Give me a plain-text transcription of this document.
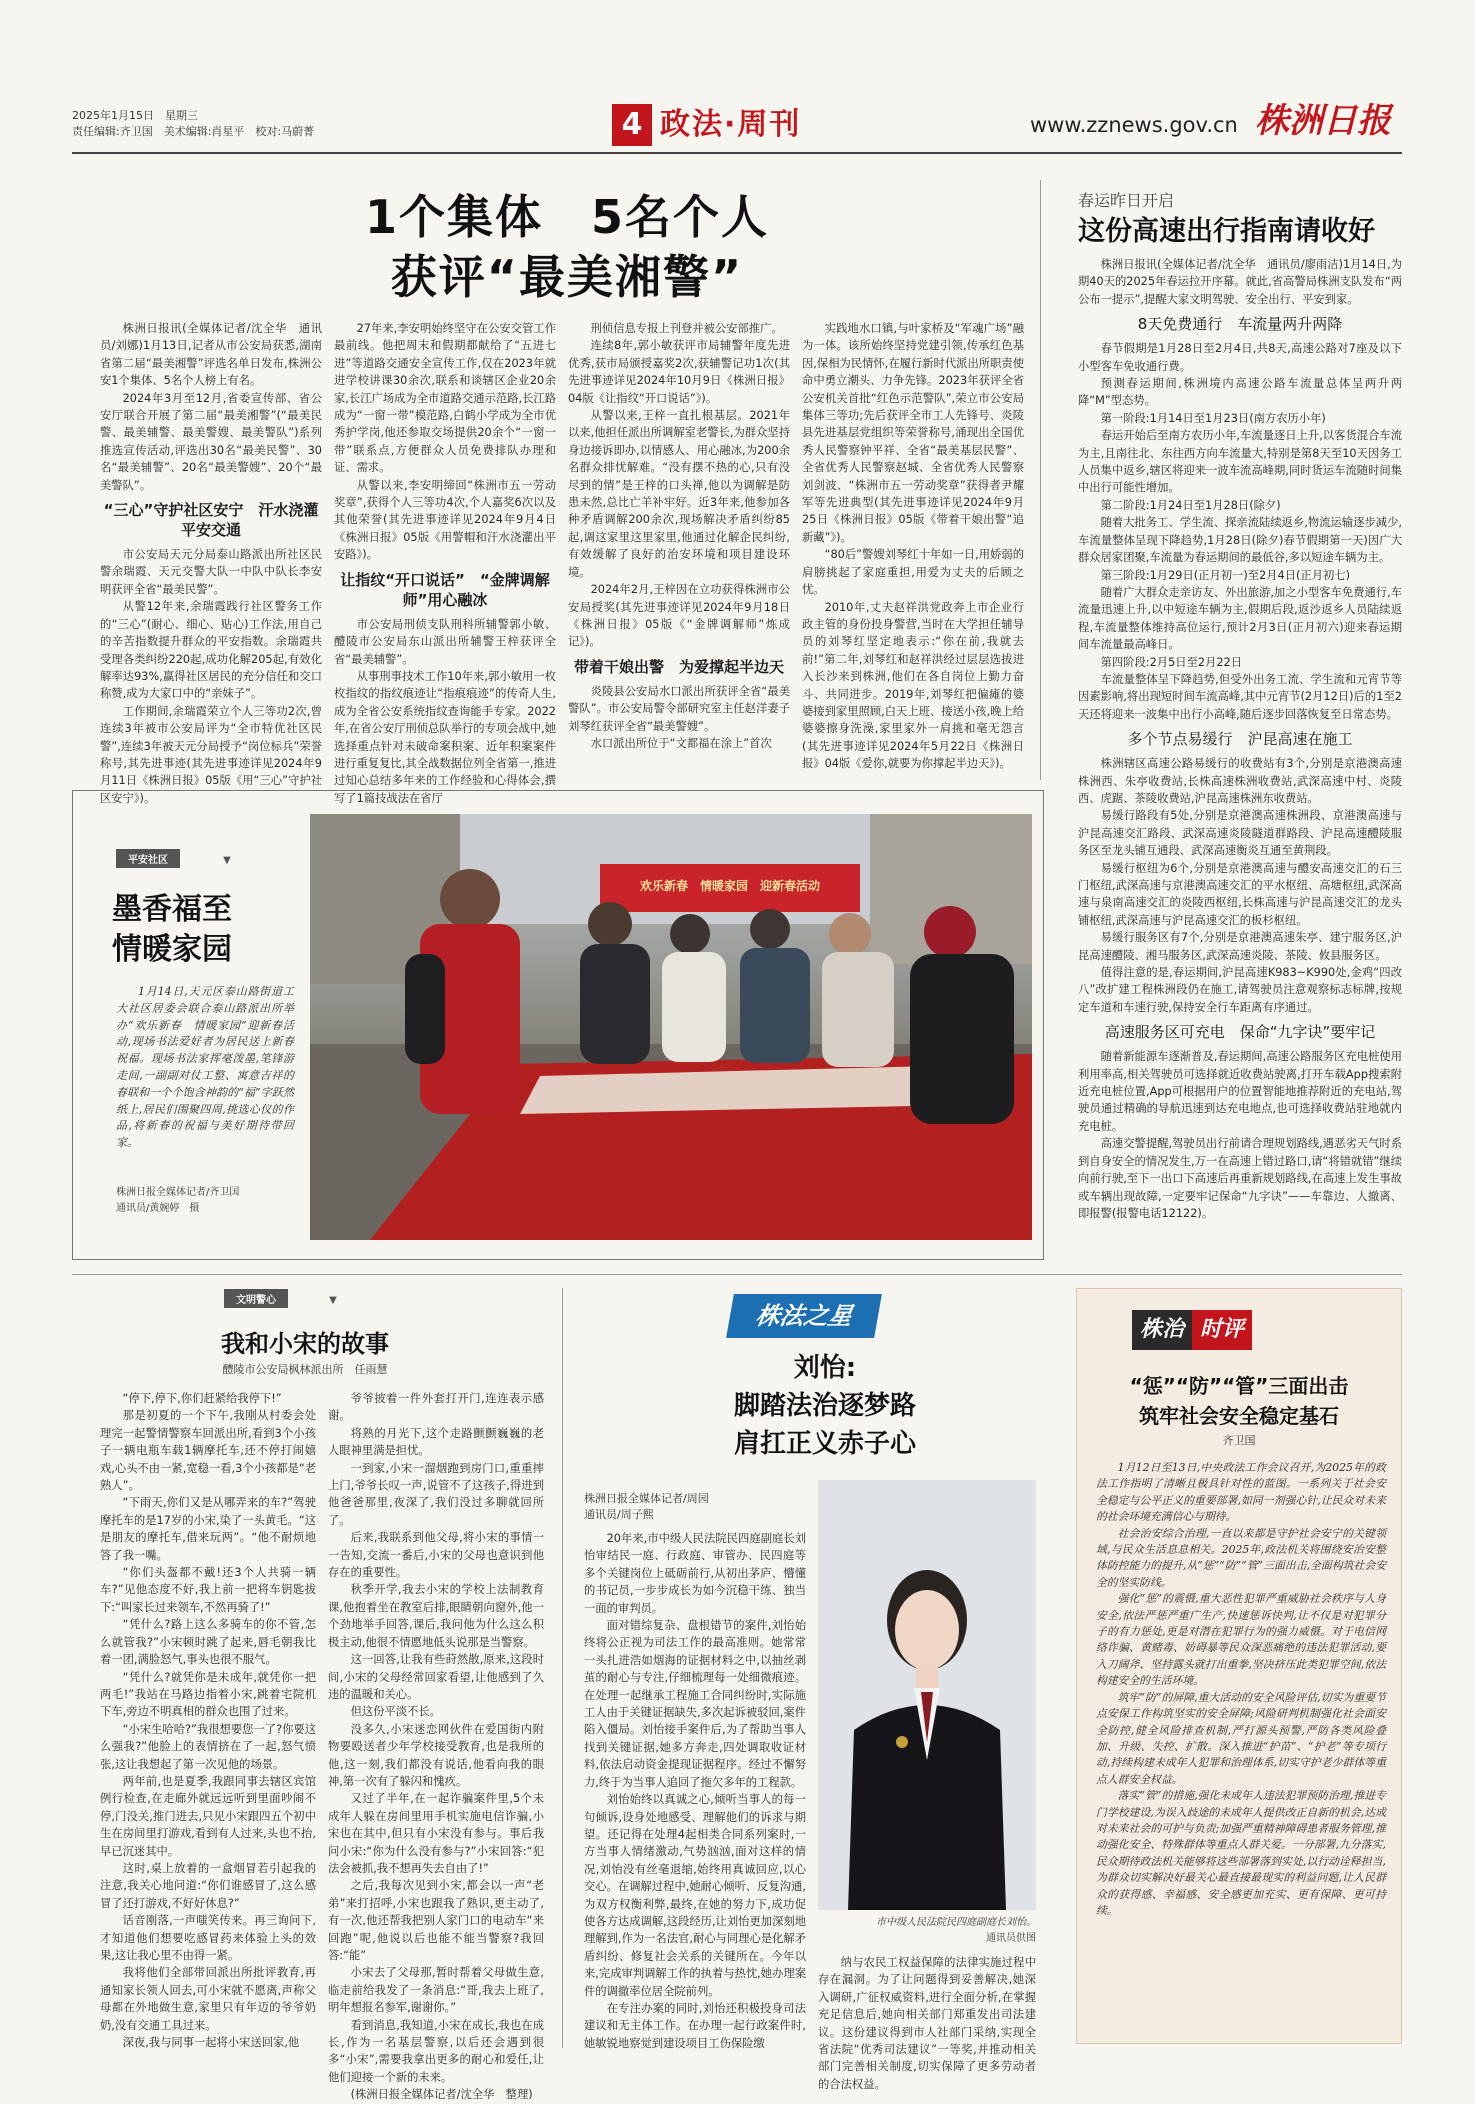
2025年1月15日　星期三
责任编辑:齐卫国　美术编辑:肖星平　校对:马蔚菁	4 政法·周刊	www.zznews.gov.cn 株洲日报
1个集体　5名个人
获评“最美湘警”

株洲日报讯(全媒体记者/沈全华　通讯员/刘娜)1月13日,记者从市公安局获悉,湖南省第二届“最美湘警”评选名单日发布,株洲公安1个集体、5名个人榜上有名。

2024年3月至12月,省委宣传部、省公安厅联合开展了第二届“最美湘警”(“最美民警、最美辅警、最美警嫂、最美警队”)系列推选宣传活动,评选出30名“最美民警”、30名“最美辅警”、20名“最美警嫂”、20个“最美警队”。

“三心”守护社区安宁　汗水浇灌平安交通

市公安局天元分局泰山路派出所社区民警余瑞霞、天元交警大队一中队中队长李安明获评全省“最美民警”。

从警12年来,余瑞霞践行社区警务工作的“三心”(耐心、细心、贴心)工作法,用自己的辛苦指数提升群众的平安指数。余瑞霞共受理各类纠纷220起,成功化解205起,有效化解率达93%,赢得社区居民的充分信任和交口称赞,成为大家口中的“亲妹子”。

工作期间,余瑞霞荣立个人三等功2次,曾连续3年被市公安局评为“全市特优社区民警”,连续3年被天元分局授予“岗位标兵”荣誉称号,其先进事迹(其先进事迹详见2024年9月11日《株洲日报》05版《用“三心”守护社区安宁》)。

27年来,李安明始终坚守在公安交管工作最前线。他把周末和假期都献给了“五进七进”等道路交通安全宣传工作,仅在2023年就进学校讲课30余次,联系和谈辖区企业20余家,长江广场成为全市道路交通示范路,长江路成为“一窗一带”模范路,白鹤小学成为全市优秀护学岗,他还参取交场提供20余个“一窗一带”联系点,方便群众人员免费排队办理和证、需求。

从警以来,李安明缔回“株洲市五一劳动奖章”,获得个人三等功4次,个人嘉奖6次以及其他荣誉(其先进事迹详见2024年9月4日《株洲日报》05版《用警帽和汗水浇灌出平安路》)。

让指纹“开口说话”　“金牌调解师”用心融冰

市公安局刑侦支队刑科所辅警郭小敏、醴陵市公安局东山派出所辅警王梓获评全省“最美辅警”。

从事刑事技术工作10年来,郭小敏用一枚枚指纹的指纹痕迹让“指痕痕迹”的传奇人生,成为全省公安系统指纹查询能手专家。2022年,在省公安厅刑侦总队举行的专项会战中,她选择重点针对未破命案积案、近年积案案件进行重复复比,其全战数据位列全省第一,推进过知心总结多年来的工作经验和心得体会,撰写了1篇技战法在省厅

刑侦信息专报上刊登并被公安部推广。

连续8年,郭小敏获评市局辅警年度先进优秀,获市局颁授嘉奖2次,获辅警记功1次(其先进事迹详见2024年10月9日《株洲日报》04版《让指纹“开口说话”》)。

从警以来,王梓一直扎根基层。2021年以来,他担任派出所调解室老警长,为群众坚持身边接诉即办,以情感人、用心融冰,为200余名群众排忧解难。“没有摆不热的心,只有没尽到的情”是王梓的口头禅,他以为调解是防患未然,总比亡羊补牢好。近3年来,他参加各种矛盾调解200余次,现场解决矛盾纠纷85起,调这家里这里家里,他通过化解企民纠纷,有效缓解了良好的治安环境和项目建设环境。

2024年2月,王梓因在立功获得株洲市公安局授奖(其先进事迹详见2024年9月18日《株洲日报》05版《“金牌调解师”炼成记》)。

带着干娘出警　为爱撑起半边天

炎陵县公安局水口派出所获评全省“最美警队”。市公安局警令部研究室主任赵洋妻子刘琴红获评全省“最美警嫂”。

水口派出所位于“文都福在涂上”首次

实践地水口镇,与叶家桥及“军魂广场”融为一体。该所始终坚持党建引领,传承红色基因,保相为民情怀,在履行新时代派出所职责使命中勇立潮头、力争先锋。2023年获评全省公安机关首批“红色示范警队”,荣立市公安局集体三等功;先后获评全市工人先锋号、炎陵县先进基层党组织等荣誉称号,涌现出全国优秀人民警察钟平祥、全省“最美基层民警”、全省优秀人民警察赵城、全省优秀人民警察刘剑波、“株洲市五一劳动奖章”获得者尹耀军等先进典型(其先进事迹详见2024年9月25日《株洲日报》05版《带着干娘出警“追新藏”》)。

“80后”警嫂刘琴红十年如一日,用娇弱的肩膀挑起了家庭重担,用爱为丈夫的后顾之忧。

2010年,丈夫赵祥洪党政奔上市企业行政主管的身份投身警营,当时在大学担任辅导员的刘琴红坚定地表示:“你在前,我就去前!”第二年,刘琴红和赵祥洪经过层层选拔进入长沙来到株洲,他们在各自岗位上勤力奋斗、共同进步。2019年,刘琴红把偏瘫的婆婆接到家里照顾,白天上班、接送小孩,晚上给婆婆擦身洗澡,家里家外一肩挑和毫无怨言(其先进事迹详见2024年5月22日《株洲日报》04版《爱你,就要为你撑起半边天》)。

春运昨日开启
这份高速出行指南请收好

株洲日报讯(全媒体记者/沈全华　通讯员/廖雨洁)1月14日,为期40天的2025年春运拉开序幕。就此,省高警局株洲支队发布“两公布一提示”,提醒大家文明驾驶、安全出行、平安到家。

8天免费通行　车流量两升两降

春节假期是1月28日至2月4日,共8天,高速公路对7座及以下小型客车免收通行费。

预测春运期间,株洲境内高速公路车流量总体呈两升两降“M”型态势。

第一阶段:1月14日至1月23日(南方农历小年)

春运开始后至南方农历小年,车流量逐日上升,以客货混合车流为主,且南往北、东往西方向车流量大,特别是第8天至10天因务工人员集中返乡,辖区将迎来一波车流高峰期,同时货运车流随时间集中出行可能性增加。

第二阶段:1月24日至1月28日(除夕)

随着大批务工、学生流、探亲流陆续返乡,物流运输逐步减少,车流量整体呈现下降趋势,1月28日(除夕)春节假期第一天)因广大群众居家团聚,车流量为春运期间的最低谷,多以短途车辆为主。

第三阶段:1月29日(正月初一)至2月4日(正月初七)

随着广大群众走亲访友、外出旅游,加之小型客车免费通行,车流量迅速上升,以中短途车辆为主,假期后段,返沙返乡人员陆续返程,车流量整体维持高位运行,预计2月3日(正月初六)迎来春运期间车流量最高峰日。

第四阶段:2月5日至2月22日

车流量整体呈下降趋势,但受外出务工流、学生流和元宵节等因素影响,将出现短时间车流高峰,其中元宵节(2月12日)后的1至2天还将迎来一波集中出行小高峰,随后逐步回落恢复至日常态势。

多个节点易缓行　沪昆高速在施工

株洲辖区高速公路易缓行的收费站有3个,分别是京港澳高速株洲西、朱亭收费站,长株高速株洲收费站,武深高速中村、炎陵西、虎踞、茶陵收费站,沪昆高速株洲东收费站。

易缓行路段有5处,分别是京港澳高速株洲段、京港澳高速与沪昆高速交汇路段、武深高速炎陵隧道群路段、沪昆高速醴陵服务区至龙头铺互通段、武深高速衡炎互通至黄荆段。

易缓行枢纽为6个,分别是京港澳高速与醴安高速交汇的石三门枢纽,武深高速与京港澳高速交汇的平水枢纽、高塘枢纽,武深高速与泉南高速交汇的炎陵西枢纽,长株高速与沪昆高速交汇的龙头铺枢纽,武深高速与沪昆高速交汇的板杉枢纽。

易缓行服务区有7个,分别是京港澳高速朱亭、建宁服务区,沪昆高速醴陵、湘马服务区,武深高速炎陵、茶陵、攸县服务区。

值得注意的是,春运期间,沪昆高速K983~K990处,金鸡“四改八”改扩建工程株洲段仍在施工,请驾驶员注意观察标志标牌,按规定车道和车速行驶,保持安全行车距离有序通过。

高速服务区可充电　保命“九字诀”要牢记

随着新能源车逐渐普及,春运期间,高速公路服务区充电桩使用利用率高,相关驾驶员可选择就近收费站驶离,打开车载App搜索附近充电桩位置,App可根据用户的位置智能地推荐附近的充电站,驾驶员通过精确的导航迅速到达充电地点,也可选择收费站驻地就内充电桩。

高速交警提醒,驾驶员出行前请合理规划路线,遇恶劣天气时系到自身安全的情况发生,万一在高速上错过路口,请“将错就错”继续向前行驶,至下一出口下高速后再重新规划路线,在高速上发生事故或车辆出现故障,一定要牢记保命“九字诀”——车靠边、人撤离、即报警(报警电话12122)。

平安社区	▼
墨香福至
情暖家园
1月14日,天元区泰山路街道工大社区居委会联合泰山路派出所举办“欢乐新春　情暖家园”迎新春活动,现场书法爱好者为居民送上新春祝福。现场书法家挥毫泼墨,笔锋游走间,一副副对仗工整、寓意吉祥的春联和一个个饱含神韵的“福”字跃然纸上,居民们围聚四周,挑选心仪的作品,将新春的祝福与美好期待带回家。
株洲日报全媒体记者/齐卫国
通讯员/黄婉婷　摄
欢乐新春　情暖家园　迎新春活动
文明警心	▼
我和小宋的故事
醴陵市公安局枫林派出所　任雨慧

“停下,停下,你们赶紧给我停下!”

那是初夏的一个下午,我刚从村委会处理完一起警情警察车回派出所,看到3个小孩子一辆电瓶车载1辆摩托车,还不停打闹嬉戏,心头不由一紧,宽稳一看,3个小孩都是“老熟人”。

“下雨天,你们又是从哪弄来的车?”驾驶摩托车的是17岁的小宋,染了一头黄毛。“这是朋友的摩托车,借来玩两”。“他不耐烦地答了我一嘴。

“你们头盔都不戴!还3个人共骑一辆车?”见他态度不好,我上前一把将车钥匙拔下:“叫家长过来领车,不然再骑了!”

“凭什么?路上这么多骑车的你不管,怎么就管我?”小宋顿时跳了起来,唇毛朝我比着一团,满脸怒气,事头也很不服气。

“凭什么?就凭你是未成年,就凭你一把两毛!”我站在马路边指着小宋,跳着宅院机下车,旁边不明真相的群众也围了过来。

“小宋生哈哈?”我很想要您一了?你要这么强我?”他脸上的表情挤在了一起,怒气愤张,这让我想起了第一次见他的场景。

两年前,也是夏季,我跟同事去辖区宾馆例行检查,在走廊外就远远听到里面吵闹不停,门没关,推门进去,只见小宋跟四五个初中生在房间里打游戏,看到有人过来,头也不抬,早已沉迷其中。

这时,桌上放着的一盒烟冒若引起我的注意,我关心地问道:“你们谁感冒了,这么感冒了还打游戏,不好好休息?”

话音刚落,一声嗤笑传来。再三询问下,才知道他们想要吃感冒药来体验上头的效果,这让我心里不由得一紧。

我将他们全部带回派出所批评教育,再通知家长领人回去,可小宋就不愿离,声称父母都在外地做生意,家里只有年迈的爷爷奶奶,没有交通工具过来。

深夜,我与同事一起将小宋送回家,他

爷爷披着一件外套打开门,连连表示感谢。

将熟的月光下,这个走路颤颤巍巍的老人眼神里满是担忧。

一到家,小宋一溜烟跑到房门口,重重摔上门,爷爷长叹一声,说管不了这孩子,得进到他爸爸那里,夜深了,我们没过多聊就回所了。

后来,我联系到他父母,将小宋的事情一一告知,交流一番后,小宋的父母也意识到他存在的重要性。

秋季开学,我去小宋的学校上法制教育课,他抱着坐在教室后排,眼睛朝向窗外,他一个劲地举手回答,课后,我问他为什么这么积极主动,他很不情愿地低头说那是当警察。

这一回答,让我有些莳然散,原来,这段时间,小宋的父母经常回家看望,让他感到了久违的温暖和关心。

但这份平淡不长。

没多久,小宋迷恋网伙件在爱国街内附物要殴送者少年学校接受教育,也是我所的他,这一刻,我们都没有说话,他看向我的眼神,第一次有了躲闪和愧疚。

又过了半年,在一起诈骗案件里,5个未成年人躲在房间里用手机实施电信诈骗,小宋也在其中,但只有小宋没有参与。事后我问小宋:“你为什么没有参与?”小宋回答:“犯法会被抓,我不想再失去自由了!”

之后,我每次见到小宋,都会以一声“老弟”来打招呼,小宋也跟我了熟识,更主动了,有一次,他还帮我把别人家门口的电动车“来回跑”呢,他说以后也能不能当警察?我回答:“能”

小宋去了父母那,暂时帮着父母做生意,临走前给我发了一条消息:“哥,我去上班了,明年想报名参军,谢谢你。”

看到消息,我知道,小宋在成长,我也在成长,作为一名基层警察,以后还会遇到很多“小宋”,需要我拿出更多的耐心和爱任,让他们迎接一个新的未来。

(株洲日报全媒体记者/沈全华　整理)

株法之星
刘怡:
脚踏法治逐梦路
肩扛正义赤子心
株洲日报全媒体记者/周园
通讯员/周子熙

20年来,市中级人民法院民四庭副庭长刘怡审结民一庭、行政庭、审管办、民四庭等多个关键岗位上砥砺前行,从初出茅庐、懵懂的书记员,一步步成长为如今沉稳干练、独当一面的审判员。

面对错综复杂、盘根错节的案件,刘怡始终将公正视为司法工作的最高准则。她常常一头扎进浩如烟海的证据材料之中,以抽丝剥茧的耐心与专注,仔细梳理每一处细微痕迹。在处理一起继承工程施工合同纠纷时,实际施工人由于关键证据缺失,多次起诉被驳回,案件陷入僵局。刘怡接手案件后,为了帮助当事人找到关键证据,她多方奔走,四处调取收证材料,依法启动资金提现证据程序。经过不懈努力,终于为当事人追回了拖欠多年的工程款。

刘怡始终以真诚之心,倾听当事人的每一句倾诉,设身处地感受、理解他们的诉求与期望。还记得在处理4起相类合同系列案时,一方当事人情绪激动,气势汹汹,面对这样的情况,刘怡没有丝毫退缩,始终用真诚回应,以心交心。在调解过程中,她耐心倾听、反复沟通,为双方权衡利弊,最终,在她的努力下,成功促使各方达成调解,这段经历,让刘怡更加深刻地理解到,作为一名法官,耐心与同理心是化解矛盾纠纷、修复社会关系的关键所在。今年以来,完成审判调解工作的执着与热忱,她办理案件的调撤率位居全院前列。

在专注办案的同时,刘怡还积极投身司法建议和无主体工作。在办理一起行政案件时,她敏锐地察觉到建设项目工伤保险缴

市中级人民法院民四庭副庭长刘怡。
通讯员供图

纳与农民工权益保障的法律实施过程中存在漏洞。为了让问题得到妥善解决,她深入调研,广征权威资料,进行全面分析,在掌握充足信息后,她向相关部门郑重发出司法建议。这份建议得到市人社部门采纳,实现全省法院“优秀司法建议”一等奖,并推动相关部门完善相关制度,切实保障了更多劳动者的合法权益。

株治 时评
“惩”“防”“管”三面出击
筑牢社会安全稳定基石
齐卫国

1月12日至13日,中央政法工作会议召开,为2025年的政法工作指明了清晰且极具针对性的蓝图。一系列关于社会安全稳定与公平正义的重要部署,如同一剂强心针,让民众对未来的社会环境充满信心与期待。

社会治安综合治理,一直以来都是守护社会安宁的关键领域,与民众生活息息相关。2025年,政法机关将围绕安治安整体防控能力的提升,从“惩”“防”“管”三面出击,全面构筑社会安全的坚实防线。

强化“惩”的震慑,重大恶性犯罪严重威胁社会秩序与人身安全,依法严惩严重广生产,快速惩诉快判,让不仅是对犯罪分子的有力惩处,更是对潜在犯罪行为的强力威慑。对于电信网络诈骗、黄赌毒、妨碍暴等民众深恶痛绝的违法犯罪活动,要入刀阔斧、坚持露头就打出重拳,坚决挤压此类犯罪空间,依法构建安全的生活环境。

筑牢“防”的屏障,重大活动的安全风险评估,切实为重要节点安保工作构筑坚实的安全屏障;风险研判机制强化社会面安全防控,健全风险排查机制,严打源头预警,严防各类风险叠加、升级、失控、扩散。深入推进“护苗”、“护老”等专项行动,持续构建未成年人犯罪和治理体系,切实守护老少群体等重点人群安全权益。

落实“管”的措施,强化未成年人违法犯罪预防治理,推进专门学校建设,为误入歧途的未成年人提供改正自新的机会,达成对未来社会的可护与负责;加强严重精神障碍患者服务管理,推动强化安全、特殊群体等重点人群关爱。一分部署,九分落实,民众期待政法机关能够将这些部署落到实处,以行动诠释担当,为群众切实解决好最关心最直接最现实的利益问题,让人民群众的获得感、幸福感、安全感更加充实、更有保障、更可持续。
